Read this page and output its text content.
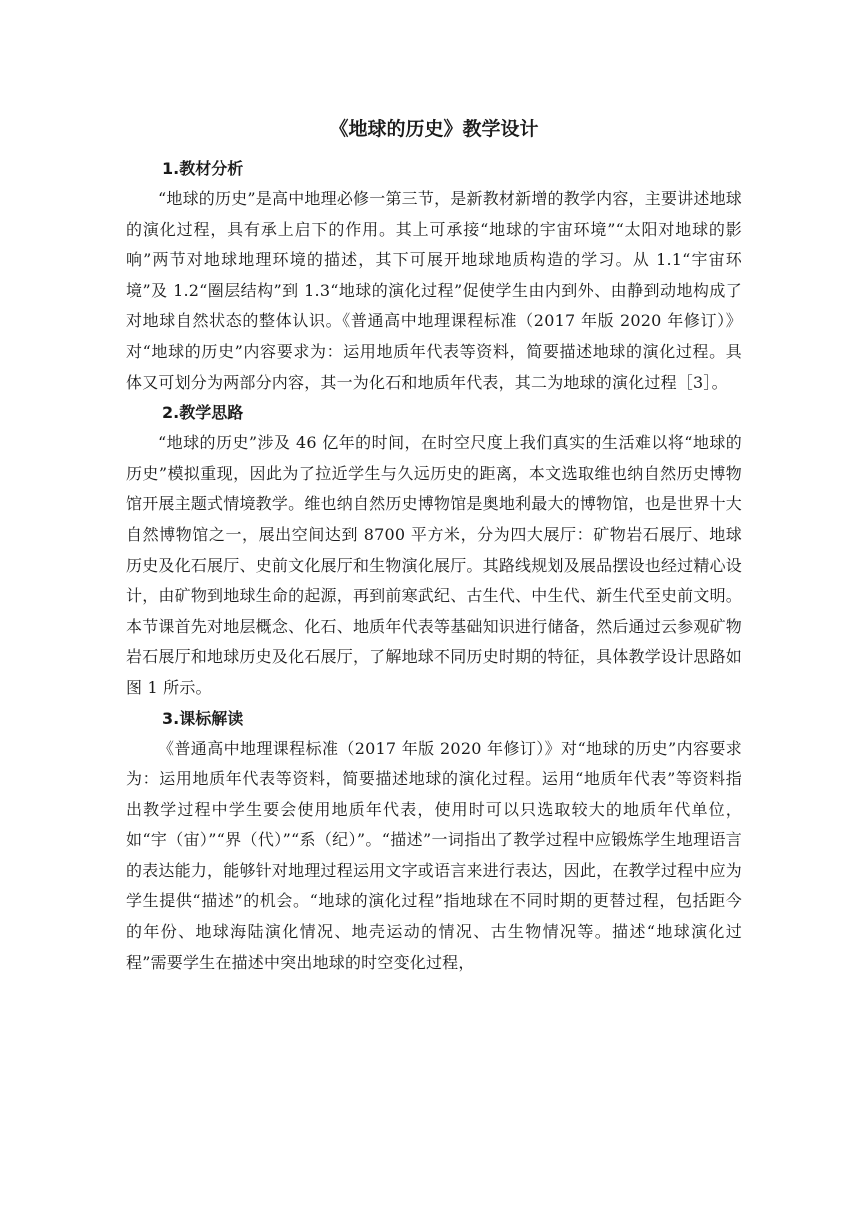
《地球的历史》教学设计
1.教材分析

“地球的历史”是高中地理必修一第三节，是新教材新增的教学内容，主要讲述地球的演化过程，具有承上启下的作用。其上可承接“地球的宇宙环境”“太阳对地球的影响”两节对地球地理环境的描述，其下可展开地球地质构造的学习。从 1.1“宇宙环境”及 1.2“圈层结构”到 1.3“地球的演化过程”促使学生由内到外、由静到动地构成了对地球自然状态的整体认识。《普通高中地理课程标准（2017 年版 2020 年修订）》对“地球的历史”内容要求为：运用地质年代表等资料，简要描述地球的演化过程。具体又可划分为两部分内容，其一为化石和地质年代表，其二为地球的演化过程［3］。

2.教学思路

“地球的历史”涉及 46 亿年的时间，在时空尺度上我们真实的生活难以将“地球的历史”模拟重现，因此为了拉近学生与久远历史的距离，本文选取维也纳自然历史博物馆开展主题式情境教学。维也纳自然历史博物馆是奥地利最大的博物馆，也是世界十大自然博物馆之一，展出空间达到 8700 平方米，分为四大展厅：矿物岩石展厅、地球历史及化石展厅、史前文化展厅和生物演化展厅。其路线规划及展品摆设也经过精心设计，由矿物到地球生命的起源，再到前寒武纪、古生代、中生代、新生代至史前文明。本节课首先对地层概念、化石、地质年代表等基础知识进行储备，然后通过云参观矿物岩石展厅和地球历史及化石展厅，了解地球不同历史时期的特征，具体教学设计思路如图 1 所示。

3.课标解读

《普通高中地理课程标准（2017 年版 2020 年修订）》对“地球的历史”内容要求为：运用地质年代表等资料，简要描述地球的演化过程。运用“地质年代表”等资料指出教学过程中学生要会使用地质年代表，使用时可以只选取较大的地质年代单位，如“宇（宙）”“界（代）”“系（纪）”。“描述”一词指出了教学过程中应锻炼学生地理语言的表达能力，能够针对地理过程运用文字或语言来进行表达，因此，在教学过程中应为学生提供“描述”的机会。“地球的演化过程”指地球在不同时期的更替过程，包括距今的年份、地球海陆演化情况、地壳运动的情况、古生物情况等。描述“地球演化过程”需要学生在描述中突出地球的时空变化过程，
